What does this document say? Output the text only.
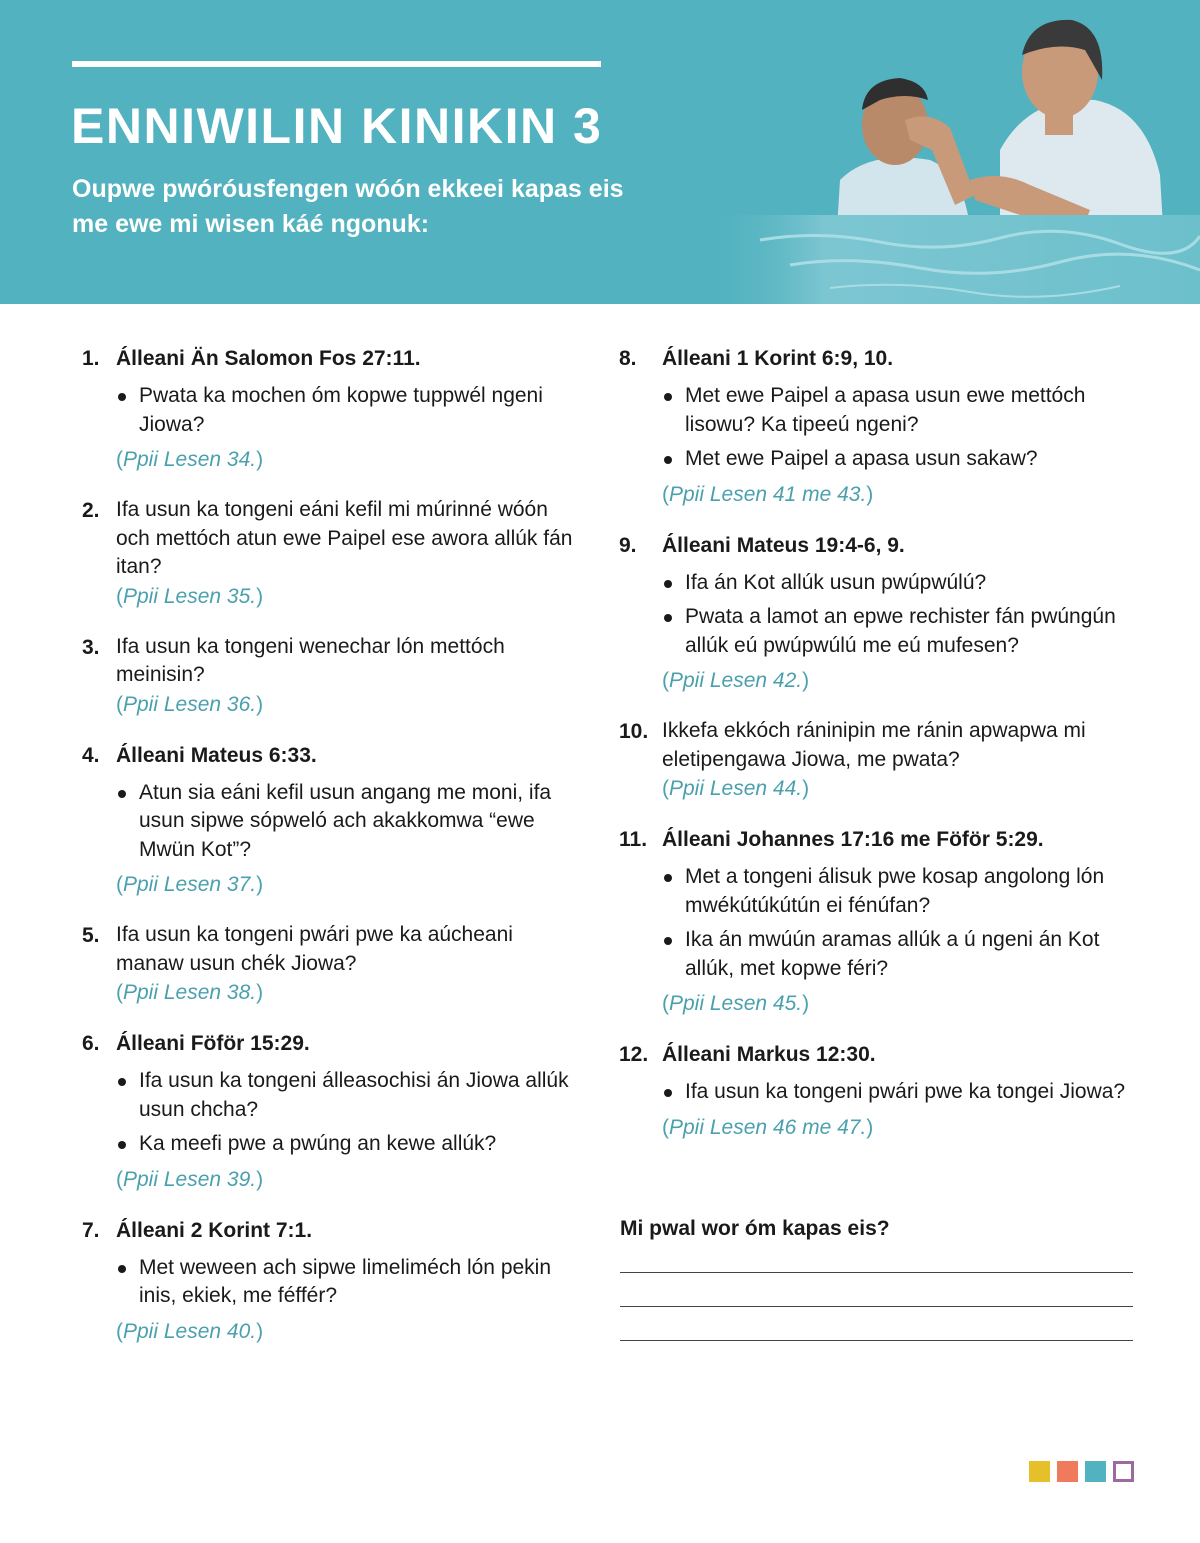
ENNIWILIN KINIKIN 3

Oupwe pwóróusfengen wóón ekkeei kapas eis me ewe mi wisen káé ngonuk:

1. Álleani Än Salomon Fos 27:11.
Pwata ka mochen óm kopwe tuppwél ngeni Jiowa?
(Ppii Lesen 34.)
2. Ifa usun ka tongeni eáni kefil mi múrinné wóón och mettóch atun ewe Paipel ese awora allúk fán itan?
(Ppii Lesen 35.)
3. Ifa usun ka tongeni wenechar lón mettóch meinisin?
(Ppii Lesen 36.)
4. Álleani Mateus 6:33.
Atun sia eáni kefil usun angang me moni, ifa usun sipwe sópweló ach akakkomwa “ewe Mwün Kot”?
(Ppii Lesen 37.)
5. Ifa usun ka tongeni pwári pwe ka aúcheani manaw usun chék Jiowa?
(Ppii Lesen 38.)
6. Álleani Föför 15:29.
Ifa usun ka tongeni álleasochisi án Jiowa allúk usun chcha?
Ka meefi pwe a pwúng an kewe allúk?
(Ppii Lesen 39.)
7. Álleani 2 Korint 7:1.
Met weween ach sipwe limeliméch lón pekin inis, ekiek, me féffér?
(Ppii Lesen 40.)
8. Álleani 1 Korint 6:9, 10.
Met ewe Paipel a apasa usun ewe mettóch lisowu? Ka tipeeú ngeni?
Met ewe Paipel a apasa usun sakaw?
(Ppii Lesen 41 me 43.)
9. Álleani Mateus 19:4-6, 9.
Ifa án Kot allúk usun pwúpwúlú?
Pwata a lamot an epwe rechister fán pwúngún allúk eú pwúpwúlú me eú mufesen?
(Ppii Lesen 42.)
10. Ikkefa ekkóch ráninipin me ránin apwapwa mi eletipengawa Jiowa, me pwata?
(Ppii Lesen 44.)
11. Álleani Johannes 17:16 me Föför 5:29.
Met a tongeni álisuk pwe kosap angolong lón mwékútúkútún ei fénúfan?
Ika án mwúún aramas allúk a ú ngeni án Kot allúk, met kopwe féri?
(Ppii Lesen 45.)
12. Álleani Markus 12:30.
Ifa usun ka tongeni pwári pwe ka tongei Jiowa?
(Ppii Lesen 46 me 47.)
Mi pwal wor óm kapas eis?
